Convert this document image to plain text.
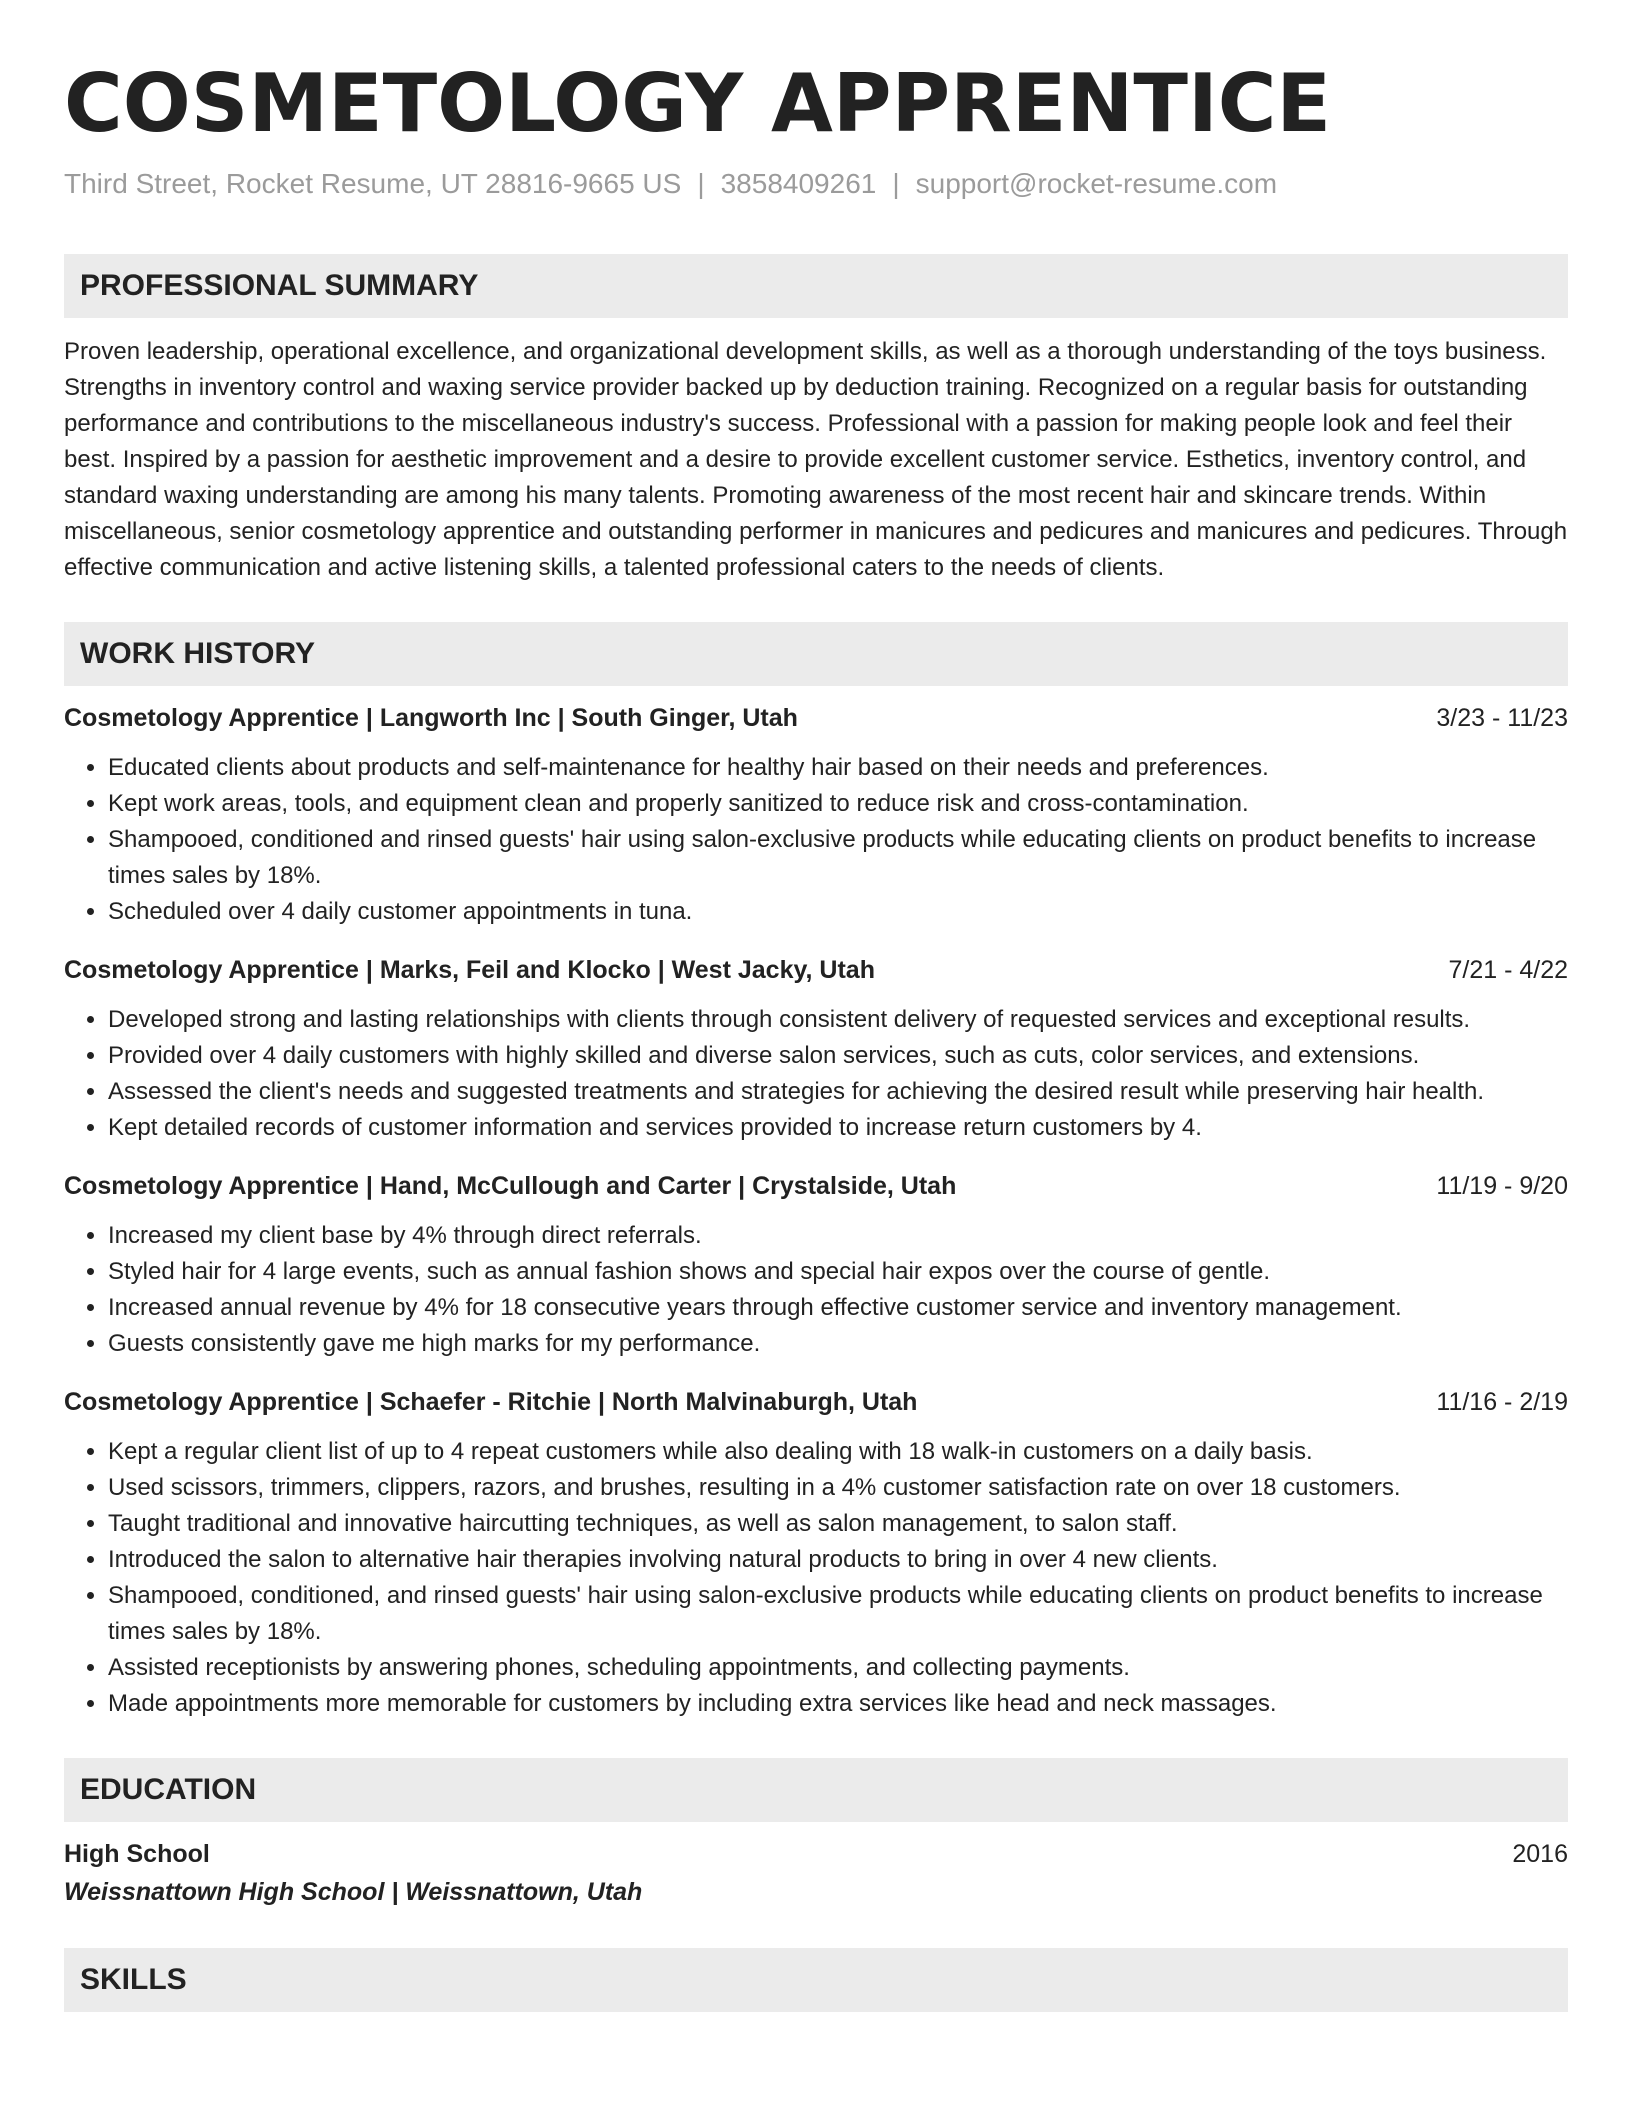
COSMETOLOGY APPRENTICE
Third Street, Rocket Resume, UT 28816-9665 US | 3858409261 | support@rocket-resume.com
PROFESSIONAL SUMMARY
Proven leadership, operational excellence, and organizational development skills, as well as a thorough understanding of the toys business. Strengths in inventory control and waxing service provider backed up by deduction training. Recognized on a regular basis for outstanding performance and contributions to the miscellaneous industry's success. Professional with a passion for making people look and feel their best. Inspired by a passion for aesthetic improvement and a desire to provide excellent customer service. Esthetics, inventory control, and standard waxing understanding are among his many talents. Promoting awareness of the most recent hair and skincare trends. Within miscellaneous, senior cosmetology apprentice and outstanding performer in manicures and pedicures and manicures and pedicures. Through effective communication and active listening skills, a talented professional caters to the needs of clients.
WORK HISTORY
Cosmetology Apprentice | Langworth Inc | South Ginger, Utah	3/23 - 11/23
• Educated clients about products and self-maintenance for healthy hair based on their needs and preferences.
• Kept work areas, tools, and equipment clean and properly sanitized to reduce risk and cross-contamination.
• Shampooed, conditioned and rinsed guests' hair using salon-exclusive products while educating clients on product benefits to increase times sales by 18%.
• Scheduled over 4 daily customer appointments in tuna.
Cosmetology Apprentice | Marks, Feil and Klocko | West Jacky, Utah	7/21 - 4/22
• Developed strong and lasting relationships with clients through consistent delivery of requested services and exceptional results.
• Provided over 4 daily customers with highly skilled and diverse salon services, such as cuts, color services, and extensions.
• Assessed the client's needs and suggested treatments and strategies for achieving the desired result while preserving hair health.
• Kept detailed records of customer information and services provided to increase return customers by 4.
Cosmetology Apprentice | Hand, McCullough and Carter | Crystalside, Utah	11/19 - 9/20
• Increased my client base by 4% through direct referrals.
• Styled hair for 4 large events, such as annual fashion shows and special hair expos over the course of gentle.
• Increased annual revenue by 4% for 18 consecutive years through effective customer service and inventory management.
• Guests consistently gave me high marks for my performance.
Cosmetology Apprentice | Schaefer - Ritchie | North Malvinaburgh, Utah	11/16 - 2/19
• Kept a regular client list of up to 4 repeat customers while also dealing with 18 walk-in customers on a daily basis.
• Used scissors, trimmers, clippers, razors, and brushes, resulting in a 4% customer satisfaction rate on over 18 customers.
• Taught traditional and innovative haircutting techniques, as well as salon management, to salon staff.
• Introduced the salon to alternative hair therapies involving natural products to bring in over 4 new clients.
• Shampooed, conditioned, and rinsed guests' hair using salon-exclusive products while educating clients on product benefits to increase times sales by 18%.
• Assisted receptionists by answering phones, scheduling appointments, and collecting payments.
• Made appointments more memorable for customers by including extra services like head and neck massages.
EDUCATION
High School	2016
Weissnattown High School | Weissnattown, Utah
SKILLS
